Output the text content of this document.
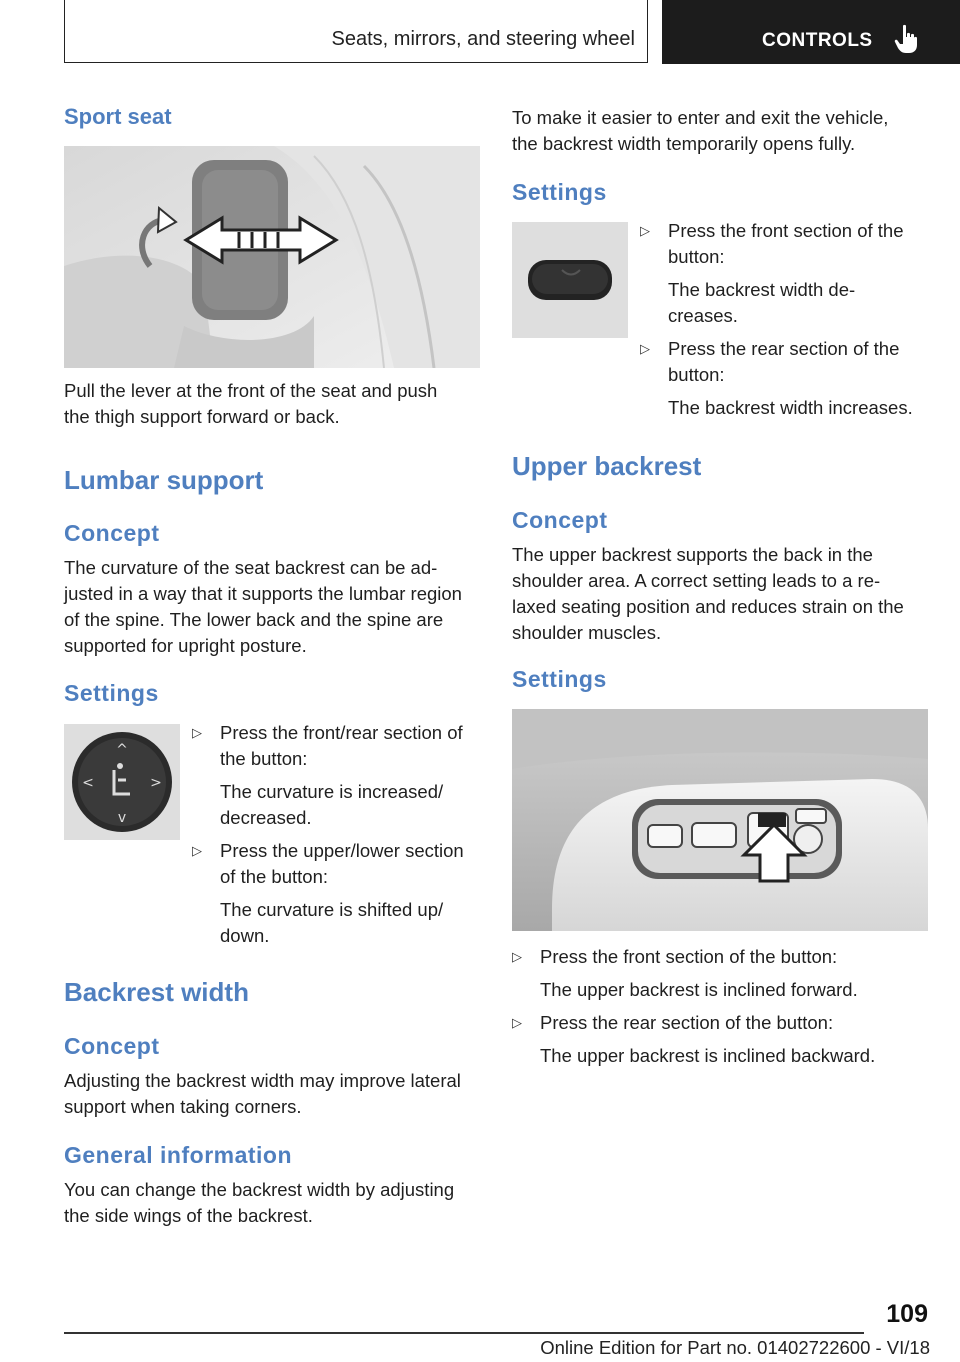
Seats, mirrors, and steering wheel	CONTROLS
Sport seat

Pull the lever at the front of the seat and push
the thigh support forward or back.

Lumbar support
Concept

The curvature of the seat backrest can be ad‐
justed in a way that it supports the lumbar region
of the spine. The lower back and the spine are
supported for upright posture.

Settings
^
v
<	>
▷ Press the front/rear section of
the button:
The curvature is increased/
decreased.
▷ Press the upper/lower section
of the button:
The curvature is shifted up/
down.
Backrest width
Concept

Adjusting the backrest width may improve lateral
support when taking corners.

General information

You can change the backrest width by adjusting
the side wings of the backrest.

To make it easier to enter and exit the vehicle,
the backrest width temporarily opens fully.

Settings
▷ Press the front section of the
button:
The backrest width de‐
creases.
▷ Press the rear section of the
button:
The backrest width increases.
Upper backrest
Concept

The upper backrest supports the back in the
shoulder area. A correct setting leads to a re‐
laxed seating position and reduces strain on the
shoulder muscles.

Settings
▷ Press the front section of the button:
The upper backrest is inclined forward.
▷ Press the rear section of the button:
The upper backrest is inclined backward.
109
Online Edition for Part no. 01402722600 - VI/18
